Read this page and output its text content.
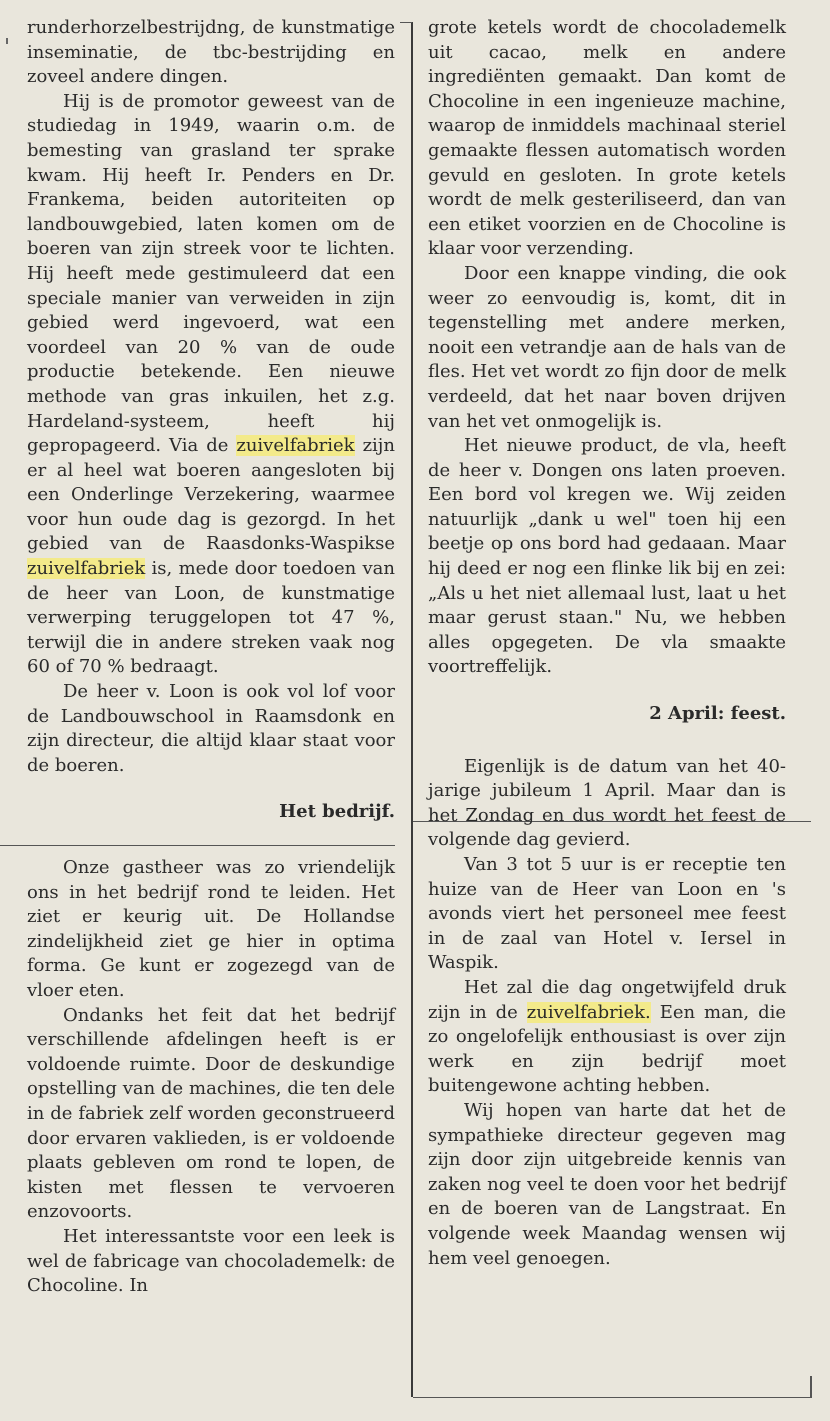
runderhorzelbestrijdng, de kunstmatige inseminatie, de tbc-bestrijding en zoveel andere dingen.

Hij is de promotor geweest van de studiedag in 1949, waarin o.m. de bemesting van grasland ter sprake kwam. Hij heeft Ir. Penders en Dr. Frankema, beiden autoriteiten op landbouwgebied, laten komen om de boeren van zijn streek voor te lichten. Hij heeft mede gestimuleerd dat een speciale manier van verweiden in zijn gebied werd ingevoerd, wat een voordeel van 20 % van de oude productie betekende. Een nieuwe methode van gras inkuilen, het z.g. Hardeland-systeem, heeft hij gepropageerd. Via de zuivelfabriek zijn er al heel wat boeren aangesloten bij een Onderlinge Verzekering, waarmee voor hun oude dag is gezorgd. In het gebied van de Raasdonks-Waspikse zuivelfabriek is, mede door toedoen van de heer van Loon, de kunstmatige verwerping teruggelopen tot 47 %, terwijl die in andere streken vaak nog 60 of 70 % bedraagt.

De heer v. Loon is ook vol lof voor de Landbouwschool in Raamsdonk en zijn directeur, die altijd klaar staat voor de boeren.

Het bedrijf.

Onze gastheer was zo vriendelijk ons in het bedrijf rond te leiden. Het ziet er keurig uit. De Hollandse zindelijkheid ziet ge hier in optima forma. Ge kunt er zogezegd van de vloer eten.

Ondanks het feit dat het bedrijf verschillende afdelingen heeft is er voldoende ruimte. Door de deskundige opstelling van de machines, die ten dele in de fabriek zelf worden geconstrueerd door ervaren vaklieden, is er voldoende plaats gebleven om rond te lopen, de kisten met flessen te vervoeren enzovoorts.

Het interessantste voor een leek is wel de fabricage van chocolademelk: de Chocoline. In

grote ketels wordt de chocolademelk uit cacao, melk en andere ingrediënten gemaakt. Dan komt de Chocoline in een ingenieuze machine, waarop de inmiddels machinaal steriel gemaakte flessen automatisch worden gevuld en gesloten. In grote ketels wordt de melk gesteriliseerd, dan van een etiket voorzien en de Chocoline is klaar voor verzending.

Door een knappe vinding, die ook weer zo eenvoudig is, komt, dit in tegenstelling met andere merken, nooit een vetrandje aan de hals van de fles. Het vet wordt zo fijn door de melk verdeeld, dat het naar boven drijven van het vet onmogelijk is.

Het nieuwe product, de vla, heeft de heer v. Dongen ons laten proeven. Een bord vol kregen we. Wij zeiden natuurlijk „dank u wel" toen hij een beetje op ons bord had gedaaan. Maar hij deed er nog een flinke lik bij en zei: „Als u het niet allemaal lust, laat u het maar gerust staan." Nu, we hebben alles opgegeten. De vla smaakte voortreffelijk.

2 April: feest.

Eigenlijk is de datum van het 40-jarige jubileum 1 April. Maar dan is het Zondag en dus wordt het feest de volgende dag gevierd.

Van 3 tot 5 uur is er receptie ten huize van de Heer van Loon en 's avonds viert het personeel mee feest in de zaal van Hotel v. Iersel in Waspik.

Het zal die dag ongetwijfeld druk zijn in de zuivelfabriek. Een man, die zo ongelofelijk enthousiast is over zijn werk en zijn bedrijf moet buitengewone achting hebben.

Wij hopen van harte dat het de sympathieke directeur gegeven mag zijn door zijn uitgebreide kennis van zaken nog veel te doen voor het bedrijf en de boeren van de Langstraat. En volgende week Maandag wensen wij hem veel genoegen.
